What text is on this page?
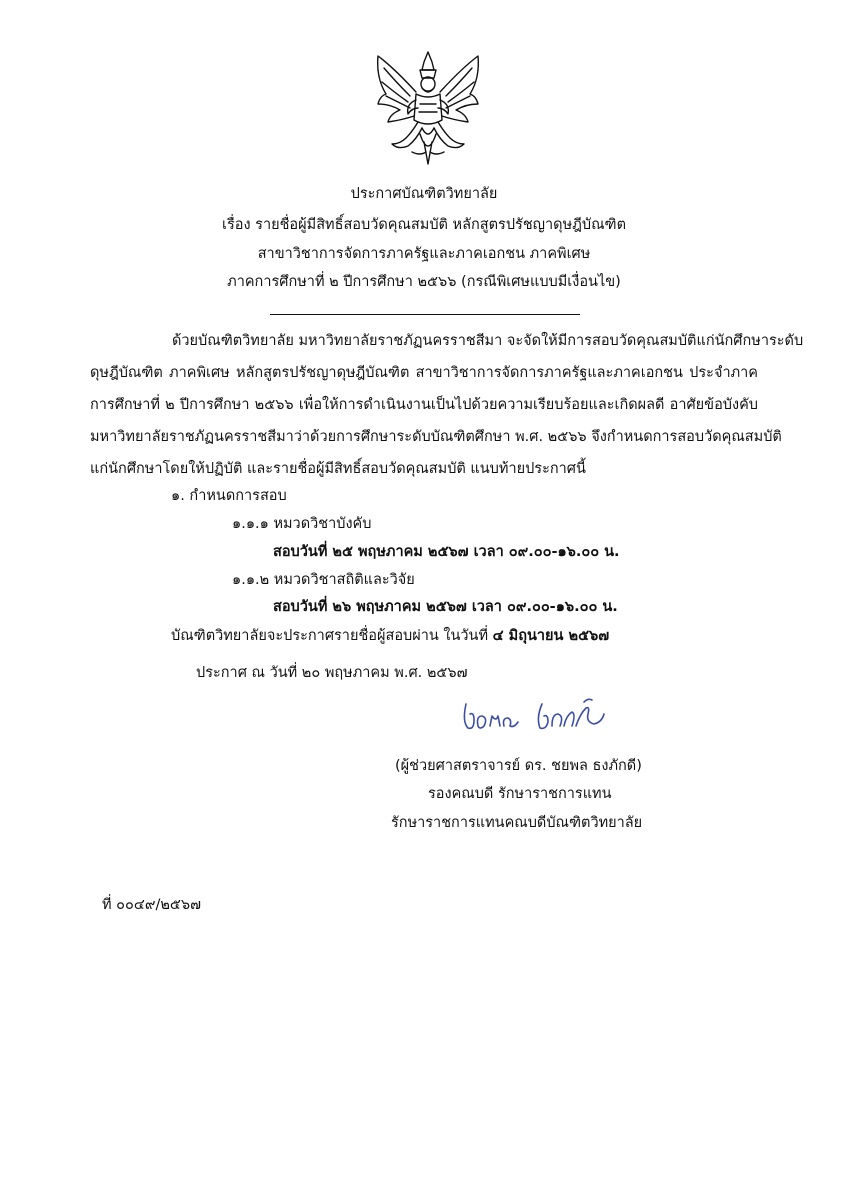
ประกาศบัณฑิตวิทยาลัย
เรื่อง รายชื่อผู้มีสิทธิ์สอบวัดคุณสมบัติ หลักสูตรปรัชญาดุษฎีบัณฑิต
สาขาวิชาการจัดการภาครัฐและภาคเอกชน ภาคพิเศษ
ภาคการศึกษาที่ ๒ ปีการศึกษา ๒๕๖๖ (กรณีพิเศษแบบมีเงื่อนไข)
ด้วยบัณฑิตวิทยาลัย มหาวิทยาลัยราชภัฏนครราชสีมา จะจัดให้มีการสอบวัดคุณสมบัติแก่นักศึกษาระดับ
ดุษฎีบัณฑิต ภาคพิเศษ หลักสูตรปรัชญาดุษฎีบัณฑิต สาขาวิชาการจัดการภาครัฐและภาคเอกชน ประจำภาค
การศึกษาที่ ๒ ปีการศึกษา ๒๕๖๖ เพื่อให้การดำเนินงานเป็นไปด้วยความเรียบร้อยและเกิดผลดี อาศัยข้อบังคับ
มหาวิทยาลัยราชภัฏนครราชสีมาว่าด้วยการศึกษาระดับบัณฑิตศึกษา พ.ศ. ๒๕๖๖ จึงกำหนดการสอบวัดคุณสมบัติ
แก่นักศึกษาโดยให้ปฏิบัติ และรายชื่อผู้มีสิทธิ์สอบวัดคุณสมบัติ แนบท้ายประกาศนี้
๑. กำหนดการสอบ
๑.๑.๑ หมวดวิชาบังคับ
สอบวันที่ ๒๕ พฤษภาคม ๒๕๖๗ เวลา ๐๙.๐๐-๑๖.๐๐ น.
๑.๑.๒ หมวดวิชาสถิติและวิจัย
สอบวันที่ ๒๖ พฤษภาคม ๒๕๖๗ เวลา ๐๙.๐๐-๑๖.๐๐ น.
บัณฑิตวิทยาลัยจะประกาศรายชื่อผู้สอบผ่าน ในวันที่ ๔ มิถุนายน ๒๕๖๗
ประกาศ ณ วันที่ ๒๐ พฤษภาคม พ.ศ. ๒๕๖๗
(ผู้ช่วยศาสตราจารย์ ดร. ชยพล ธงภักดี)
รองคณบดี รักษาราชการแทน
รักษาราชการแทนคณบดีบัณฑิตวิทยาลัย
ที่ ๐๐๔๙/๒๕๖๗
